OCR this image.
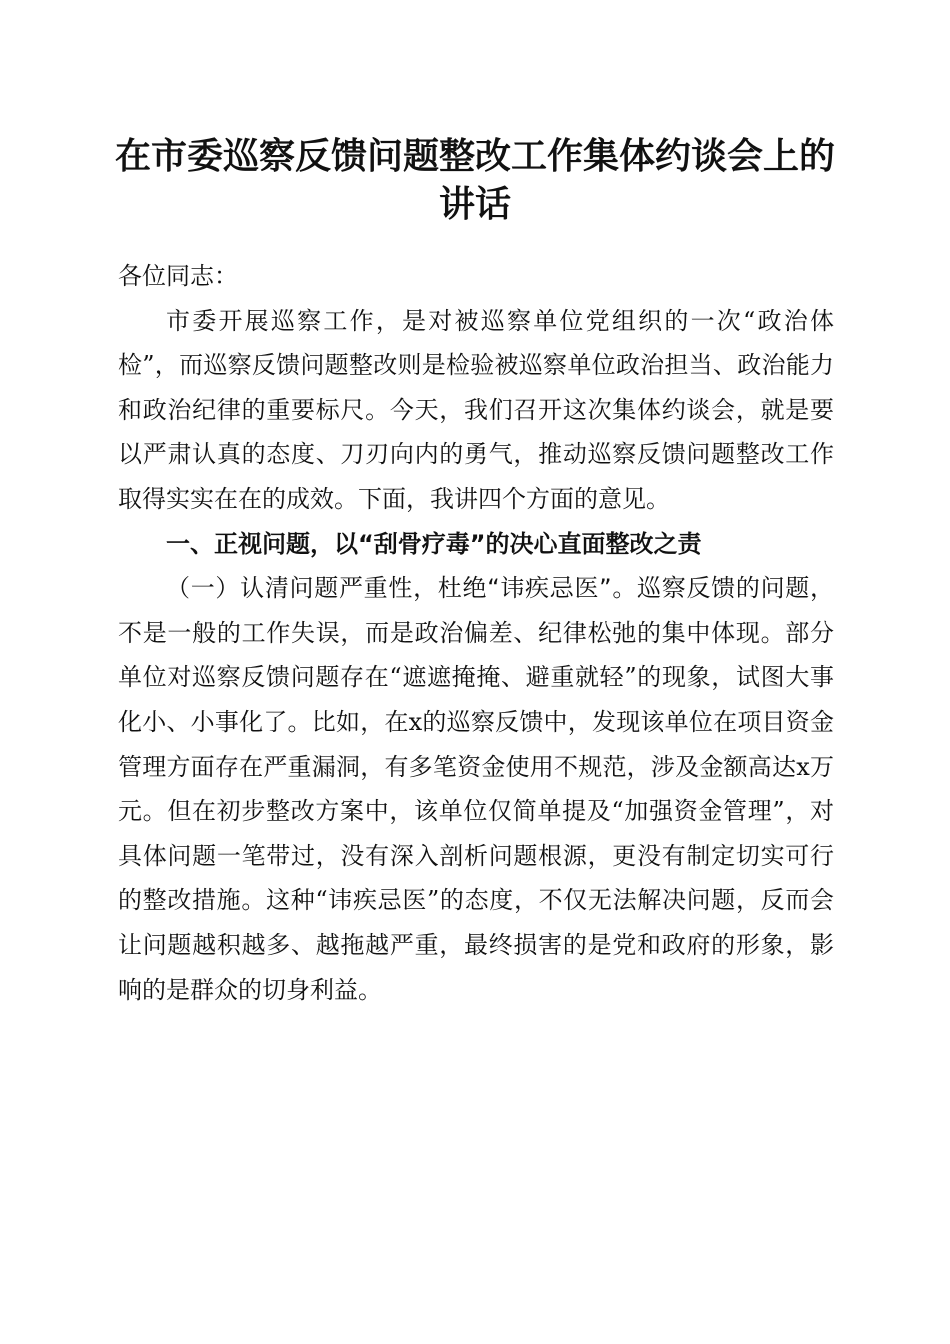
在市委巡察反馈问题整改工作集体约谈会上的讲话

各位同志：

市委开展巡察工作，是对被巡察单位党组织的一次“政治体检”，而巡察反馈问题整改则是检验被巡察单位政治担当、政治能力和政治纪律的重要标尺。今天，我们召开这次集体约谈会，就是要以严肃认真的态度、刀刃向内的勇气，推动巡察反馈问题整改工作取得实实在在的成效。下面，我讲四个方面的意见。

一、正视问题，以“刮骨疗毒”的决心直面整改之责

（一）认清问题严重性，杜绝“讳疾忌医”。巡察反馈的问题，不是一般的工作失误，而是政治偏差、纪律松弛的集中体现。部分单位对巡察反馈问题存在“遮遮掩掩、避重就轻”的现象，试图大事化小、小事化了。比如，在x的巡察反馈中，发现该单位在项目资金管理方面存在严重漏洞，有多笔资金使用不规范，涉及金额高达x万元。但在初步整改方案中，该单位仅简单提及“加强资金管理”，对具体问题一笔带过，没有深入剖析问题根源，更没有制定切实可行的整改措施。这种“讳疾忌医”的态度，不仅无法解决问题，反而会让问题越积越多、越拖越严重，最终损害的是党和政府的形象，影响的是群众的切身利益。
